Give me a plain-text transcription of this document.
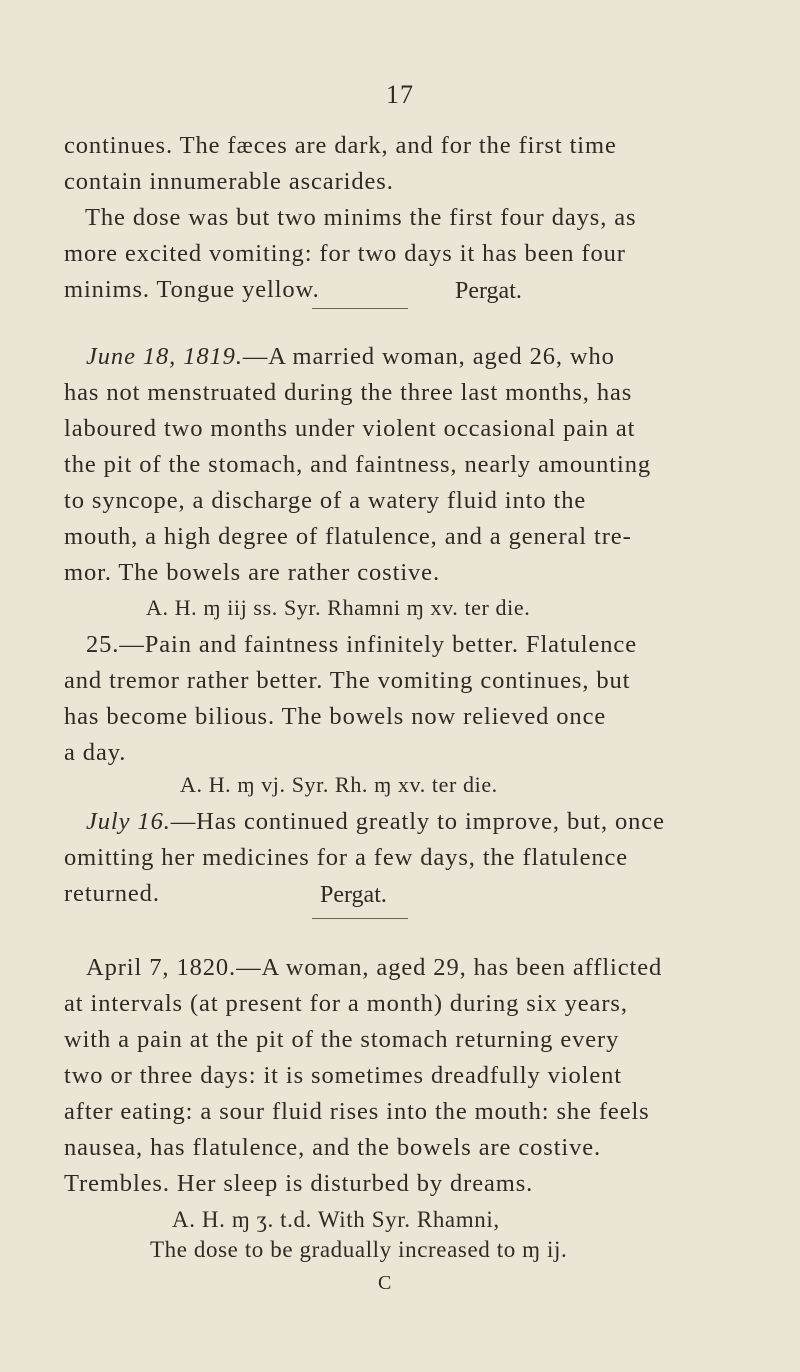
17
continues. The fæces are dark, and for the first time
contain innumerable ascarides.
The dose was but two minims the first four days, as
more excited vomiting: for two days it has been four
minims. Tongue yellow.	Pergat.
June 18, 1819.—A married woman, aged 26, who
has not menstruated during the three last months, has
laboured two months under violent occasional pain at
the pit of the stomach, and faintness, nearly amounting
to syncope, a discharge of a watery fluid into the
mouth, a high degree of flatulence, and a general tre-
mor. The bowels are rather costive.
A. H. ɱ iij ss. Syr. Rhamni ɱ xv. ter die.
25.—Pain and faintness infinitely better. Flatulence
and tremor rather better. The vomiting continues, but
has become bilious. The bowels now relieved once
a day.
A. H. ɱ vj. Syr. Rh. ɱ xv. ter die.
July 16.—Has continued greatly to improve, but, once
omitting her medicines for a few days, the flatulence
returned.	Pergat.
April 7, 1820.—A woman, aged 29, has been afflicted
at intervals (at present for a month) during six years,
with a pain at the pit of the stomach returning every
two or three days: it is sometimes dreadfully violent
after eating: a sour fluid rises into the mouth: she feels
nausea, has flatulence, and the bowels are costive.
Trembles. Her sleep is disturbed by dreams.
A. H. ɱ ʒ. t.d. With Syr. Rhamni,
The dose to be gradually increased to ɱ ij.
C
